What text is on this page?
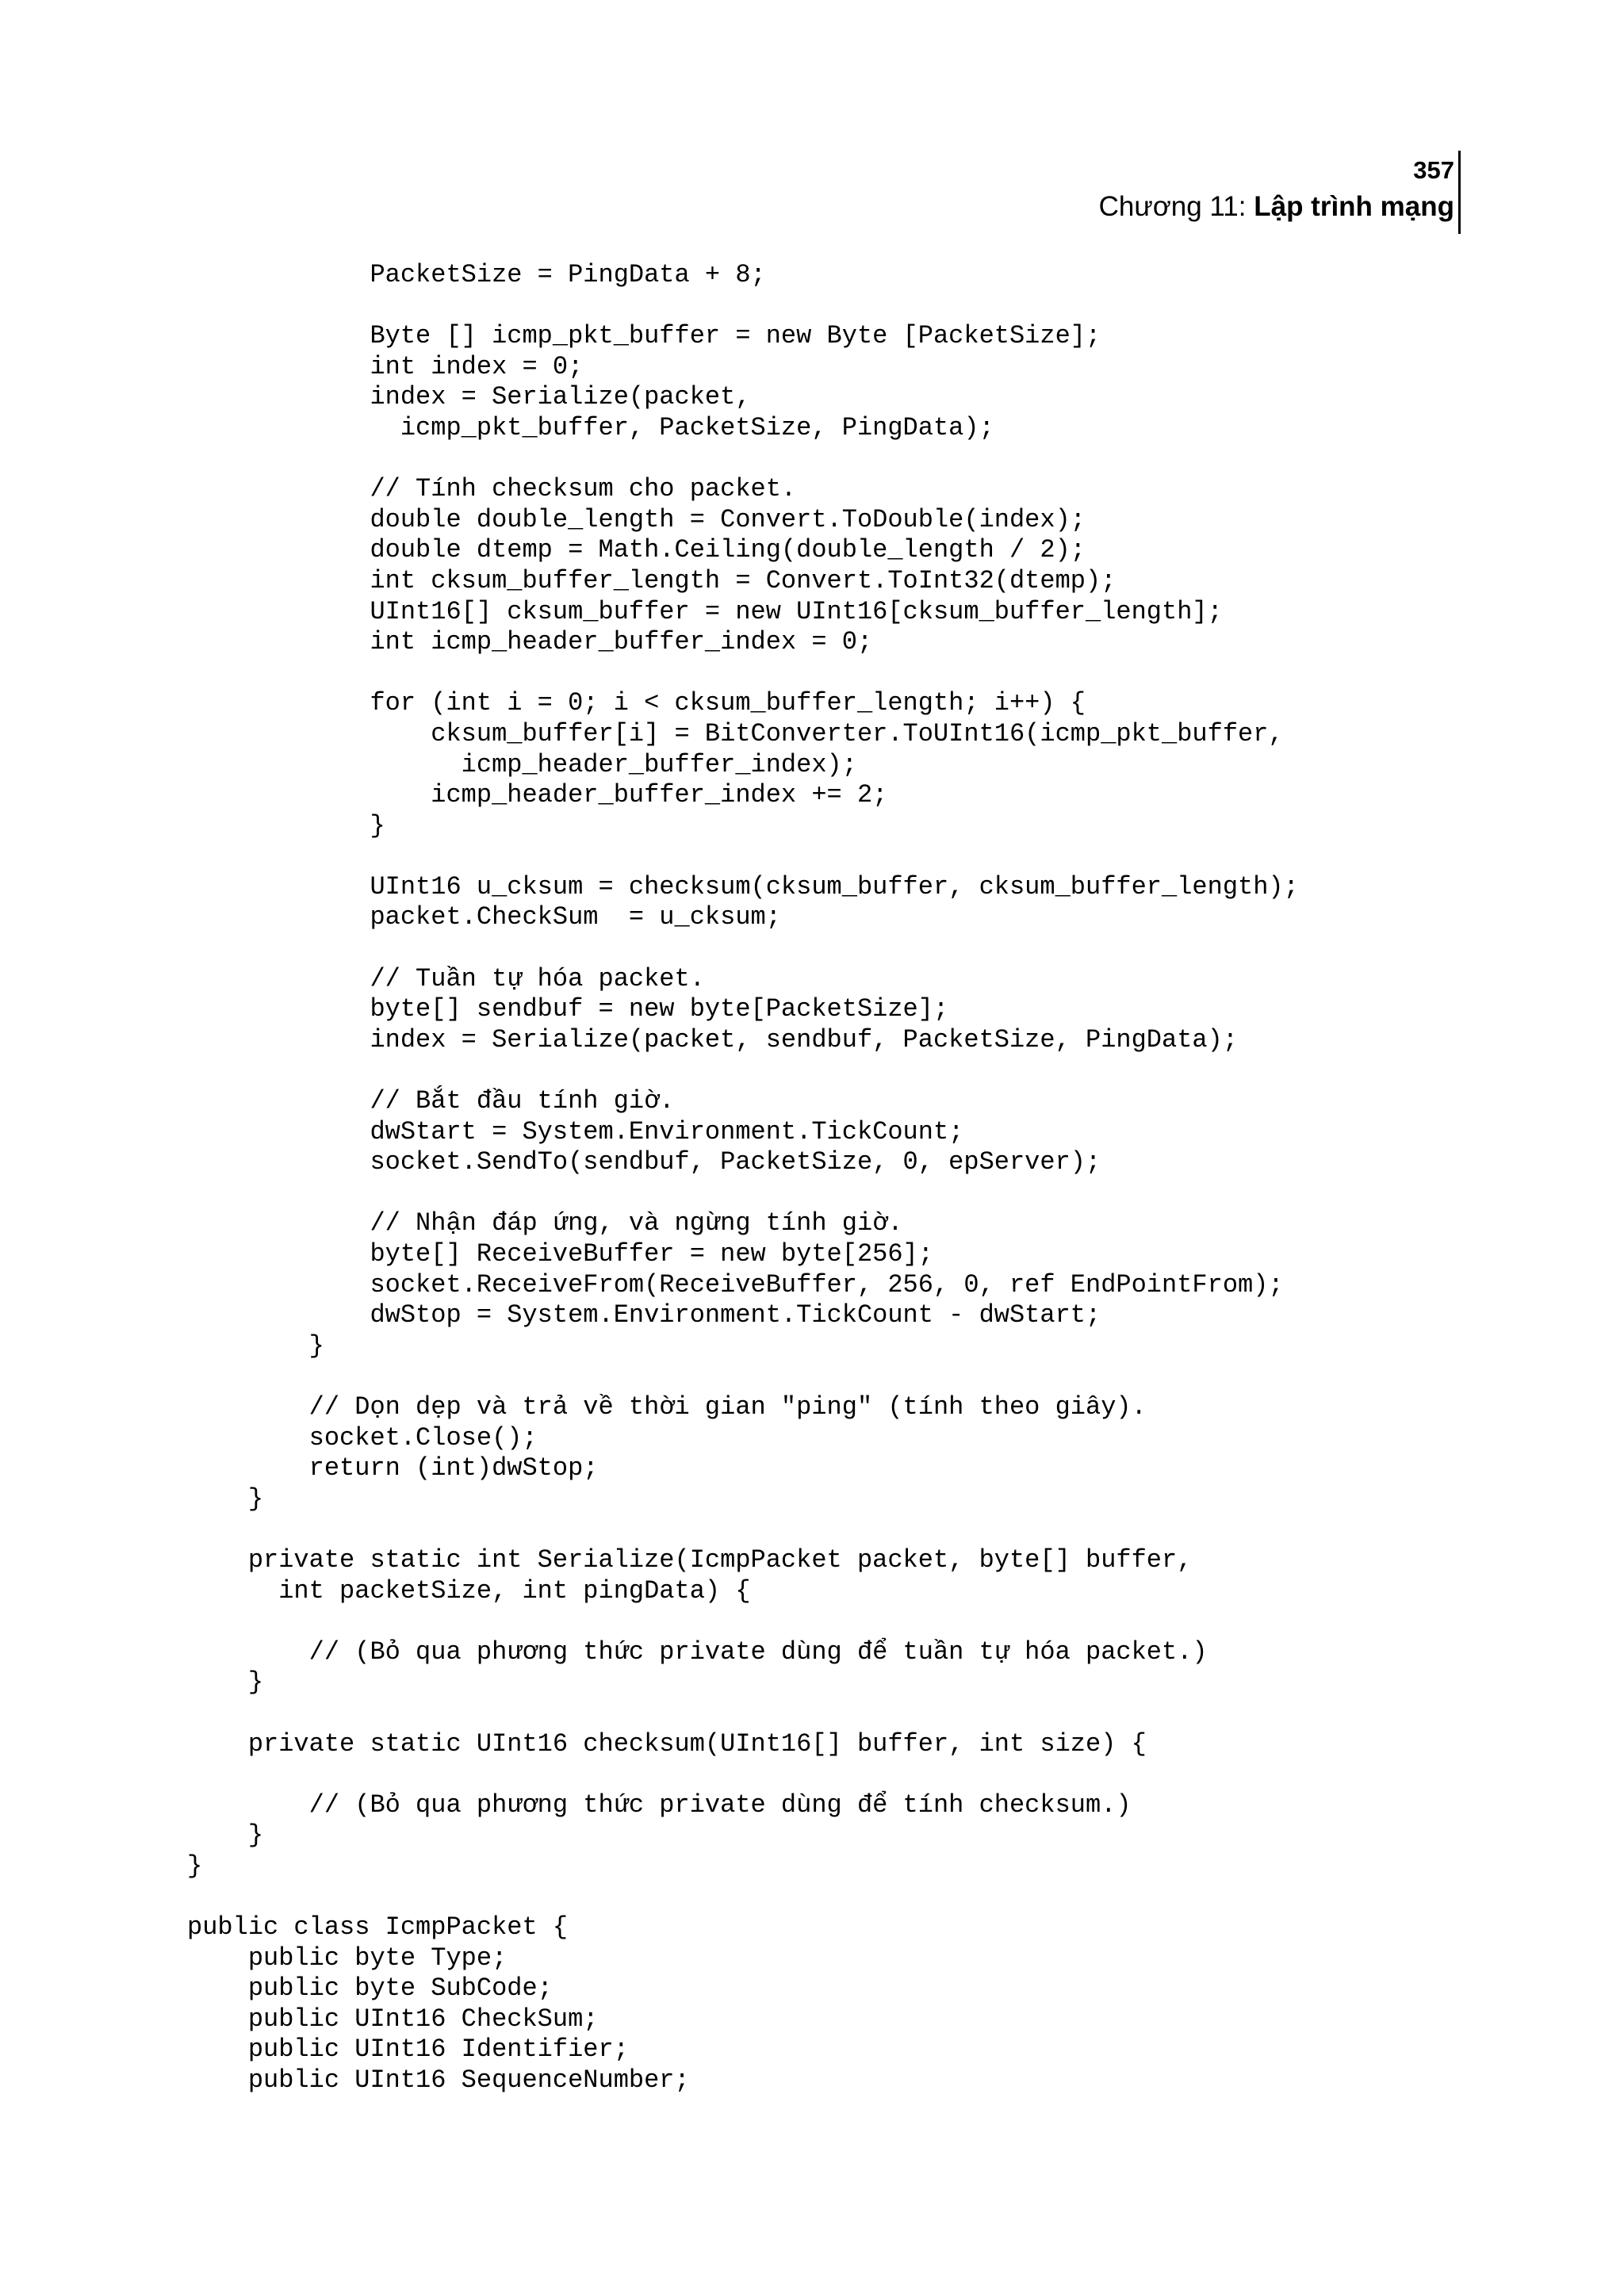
357
Chương 11: Lập trình mạng
PacketSize = PingData + 8;
Byte [] icmp_pkt_buffer = new Byte [PacketSize];
int index = 0;
index = Serialize(packet,
icmp_pkt_buffer, PacketSize, PingData);
// Tính checksum cho packet.
double double_length = Convert.ToDouble(index);
double dtemp = Math.Ceiling(double_length / 2);
int cksum_buffer_length = Convert.ToInt32(dtemp);
UInt16[] cksum_buffer = new UInt16[cksum_buffer_length];
int icmp_header_buffer_index = 0;
for (int i = 0; i < cksum_buffer_length; i++) {
cksum_buffer[i] = BitConverter.ToUInt16(icmp_pkt_buffer,
icmp_header_buffer_index);
icmp_header_buffer_index += 2;
}
UInt16 u_cksum = checksum(cksum_buffer, cksum_buffer_length);
packet.CheckSum  = u_cksum;
// Tuần tự hóa packet.
byte[] sendbuf = new byte[PacketSize];
index = Serialize(packet, sendbuf, PacketSize, PingData);
// Bắt đầu tính giờ.
dwStart = System.Environment.TickCount;
socket.SendTo(sendbuf, PacketSize, 0, epServer);
// Nhận đáp ứng, và ngừng tính giờ.
byte[] ReceiveBuffer = new byte[256];
socket.ReceiveFrom(ReceiveBuffer, 256, 0, ref EndPointFrom);
dwStop = System.Environment.TickCount - dwStart;
}
// Dọn dẹp và trả về thời gian "ping" (tính theo giây).
socket.Close();
return (int)dwStop;
}
private static int Serialize(IcmpPacket packet, byte[] buffer,
int packetSize, int pingData) {
// (Bỏ qua phương thức private dùng để tuần tự hóa packet.)
}
private static UInt16 checksum(UInt16[] buffer, int size) {
// (Bỏ qua phương thức private dùng để tính checksum.)
}
}
public class IcmpPacket {
public byte Type;
public byte SubCode;
public UInt16 CheckSum;
public UInt16 Identifier;
public UInt16 SequenceNumber;
